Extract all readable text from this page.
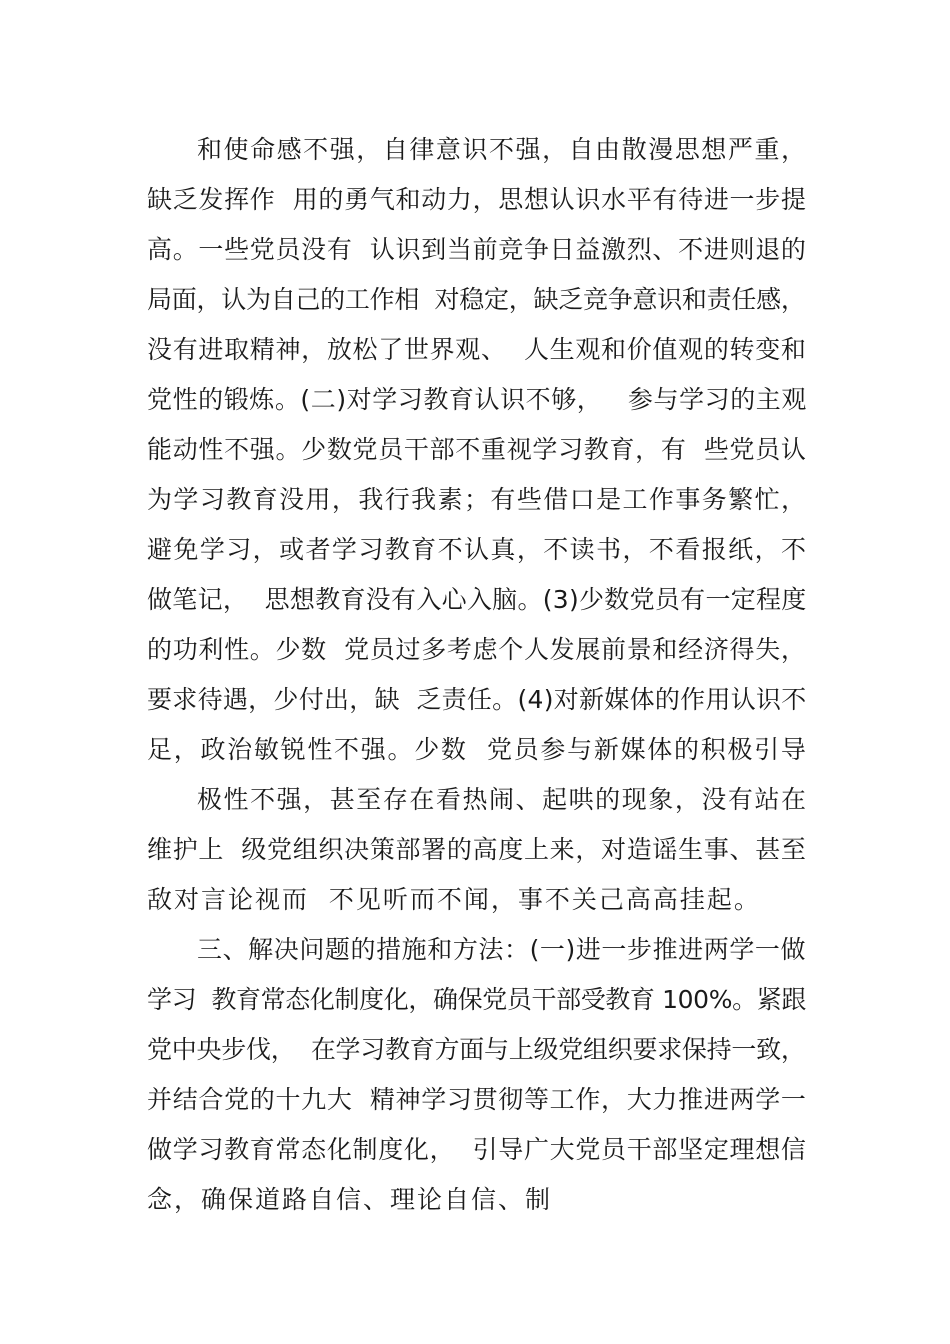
和使命感不强，自律意识不强，自由散漫思想严重，
缺乏发挥作  用的勇气和动力，思想认识水平有待进一步提
高。一些党员没有  认识到当前竞争日益激烈、不进则退的
局面，认为自己的工作相  对稳定，缺乏竞争意识和责任感，
没有进取精神，放松了世界观、  人生观和价值观的转变和
党性的锻炼。(二)对学习教育认识不够，   参与学习的主观
能动性不强。少数党员干部不重视学习教育，有  些党员认
为学习教育没用，我行我素；有些借口是工作事务繁忙，
避免学习，或者学习教育不认真，不读书，不看报纸，不
做笔记，  思想教育没有入心入脑。(3)少数党员有一定程度
的功利性。少数  党员过多考虑个人发展前景和经济得失，
要求待遇，少付出，缺  乏责任。(4)对新媒体的作用认识不
足，政治敏锐性不强。少数  党员参与新媒体的积极引导
极性不强，甚至存在看热闹、起哄的现象，没有站在
维护上  级党组织决策部署的高度上来，对造谣生事、甚至
敌对言论视而  不见听而不闻，事不关己高高挂起。
三、解决问题的措施和方法：(一)进一步推进两学一做
学习  教育常态化制度化，确保党员干部受教育 100%。紧跟
党中央步伐，  在学习教育方面与上级党组织要求保持一致，
并结合党的十九大  精神学习贯彻等工作，大力推进两学一
做学习教育常态化制度化，  引导广大党员干部坚定理想信
念，确保道路自信、理论自信、制
